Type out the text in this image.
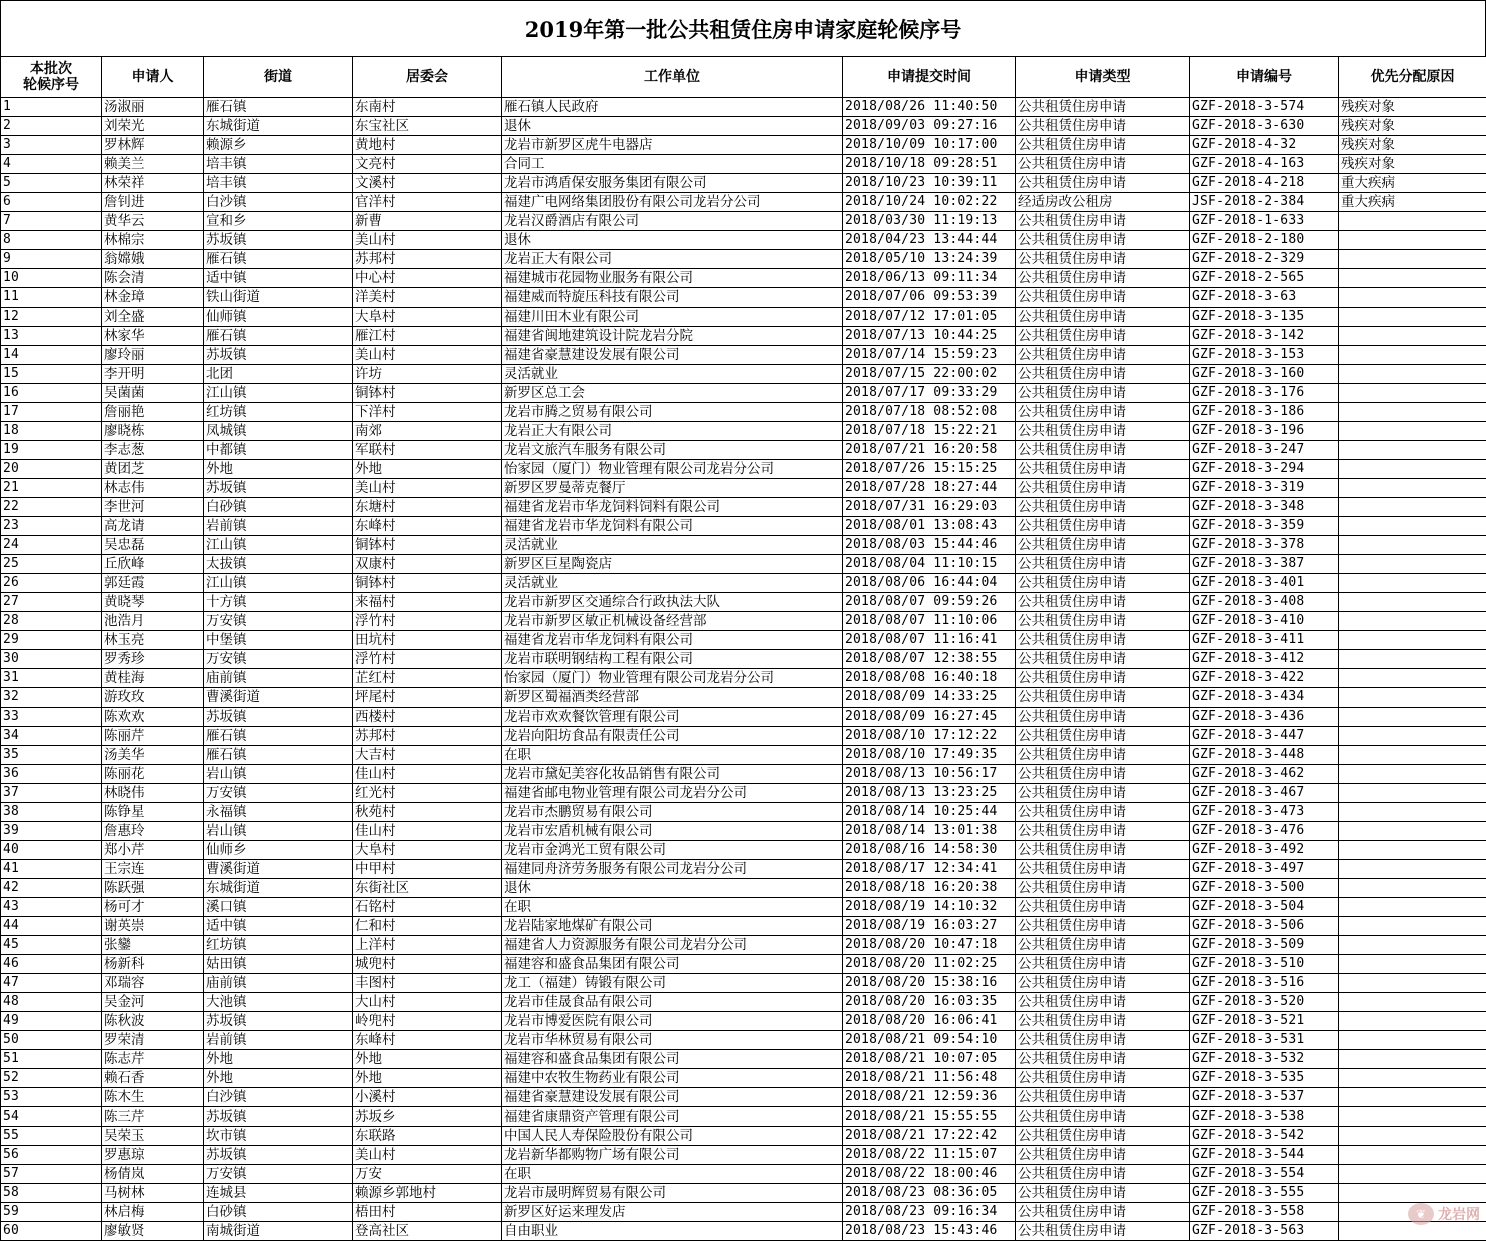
2019年第一批公共租赁住房申请家庭轮候序号
本批次
轮候序号	申请人	街道	居委会	工作单位	申请提交时间	申请类型	申请编号	优先分配原因
1	汤淑丽	雁石镇	东南村	雁石镇人民政府	2018/08/26 11:40:50	公共租赁住房申请	GZF-2018-3-574	残疾对象
2	刘荣光	东城街道	东宝社区	退休	2018/09/03 09:27:16	公共租赁住房申请	GZF-2018-3-630	残疾对象
3	罗林辉	赖源乡	黄地村	龙岩市新罗区虎牛电器店	2018/10/09 10:17:00	公共租赁住房申请	GZF-2018-4-32	残疾对象
4	赖美兰	培丰镇	文亮村	合同工	2018/10/18 09:28:51	公共租赁住房申请	GZF-2018-4-163	残疾对象
5	林荣祥	培丰镇	文溪村	龙岩市鸿盾保安服务集团有限公司	2018/10/23 10:39:11	公共租赁住房申请	GZF-2018-4-218	重大疾病
6	詹钊进	白沙镇	官洋村	福建广电网络集团股份有限公司龙岩分公司	2018/10/24 10:02:22	经适房改公租房	JSF-2018-2-384	重大疾病
7	黄华云	宣和乡	新曹	龙岩汉爵酒店有限公司	2018/03/30 11:19:13	公共租赁住房申请	GZF-2018-1-633	
8	林棉宗	苏坂镇	美山村	退休	2018/04/23 13:44:44	公共租赁住房申请	GZF-2018-2-180	
9	翁嫦娥	雁石镇	苏邦村	龙岩正大有限公司	2018/05/10 13:24:39	公共租赁住房申请	GZF-2018-2-329	
10	陈会清	适中镇	中心村	福建城市花园物业服务有限公司	2018/06/13 09:11:34	公共租赁住房申请	GZF-2018-2-565	
11	林金璋	铁山街道	洋美村	福建威而特旋压科技有限公司	2018/07/06 09:53:39	公共租赁住房申请	GZF-2018-3-63	
12	刘全盛	仙师镇	大阜村	福建川田木业有限公司	2018/07/12 17:01:05	公共租赁住房申请	GZF-2018-3-135	
13	林家华	雁石镇	雁江村	福建省闽地建筑设计院龙岩分院	2018/07/13 10:44:25	公共租赁住房申请	GZF-2018-3-142	
14	廖玲丽	苏坂镇	美山村	福建省豪慧建设发展有限公司	2018/07/14 15:59:23	公共租赁住房申请	GZF-2018-3-153	
15	李开明	北团	许坊	灵活就业	2018/07/15 22:00:02	公共租赁住房申请	GZF-2018-3-160	
16	吴菌菌	江山镇	铜钵村	新罗区总工会	2018/07/17 09:33:29	公共租赁住房申请	GZF-2018-3-176	
17	詹丽艳	红坊镇	下洋村	龙岩市腾之贸易有限公司	2018/07/18 08:52:08	公共租赁住房申请	GZF-2018-3-186	
18	廖晓栋	凤城镇	南郊	龙岩正大有限公司	2018/07/18 15:22:21	公共租赁住房申请	GZF-2018-3-196	
19	李志葱	中都镇	军联村	龙岩文旅汽车服务有限公司	2018/07/21 16:20:58	公共租赁住房申请	GZF-2018-3-247	
20	黄团芝	外地	外地	怡家园（厦门）物业管理有限公司龙岩分公司	2018/07/26 15:15:25	公共租赁住房申请	GZF-2018-3-294	
21	林志伟	苏坂镇	美山村	新罗区罗曼蒂克餐厅	2018/07/28 18:27:44	公共租赁住房申请	GZF-2018-3-319	
22	李世河	白砂镇	东塘村	福建省龙岩市华龙饲料饲料有限公司	2018/07/31 16:29:03	公共租赁住房申请	GZF-2018-3-348	
23	高龙请	岩前镇	东峰村	福建省龙岩市华龙饲料有限公司	2018/08/01 13:08:43	公共租赁住房申请	GZF-2018-3-359	
24	吴忠磊	江山镇	铜钵村	灵活就业	2018/08/03 15:44:46	公共租赁住房申请	GZF-2018-3-378	
25	丘欣峰	太拔镇	双康村	新罗区巨星陶瓷店	2018/08/04 11:10:15	公共租赁住房申请	GZF-2018-3-387	
26	郭廷霞	江山镇	铜钵村	灵活就业	2018/08/06 16:44:04	公共租赁住房申请	GZF-2018-3-401	
27	黄晓琴	十方镇	来福村	龙岩市新罗区交通综合行政执法大队	2018/08/07 09:59:26	公共租赁住房申请	GZF-2018-3-408	
28	池浩月	万安镇	浮竹村	龙岩市新罗区敏正机械设备经营部	2018/08/07 11:10:06	公共租赁住房申请	GZF-2018-3-410	
29	林玉亮	中堡镇	田坑村	福建省龙岩市华龙饲料有限公司	2018/08/07 11:16:41	公共租赁住房申请	GZF-2018-3-411	
30	罗秀珍	万安镇	浮竹村	龙岩市联明钢结构工程有限公司	2018/08/07 12:38:55	公共租赁住房申请	GZF-2018-3-412	
31	黄桂海	庙前镇	芷红村	怡家园（厦门）物业管理有限公司龙岩分公司	2018/08/08 16:40:18	公共租赁住房申请	GZF-2018-3-422	
32	游玫玫	曹溪街道	坪尾村	新罗区蜀福酒类经营部	2018/08/09 14:33:25	公共租赁住房申请	GZF-2018-3-434	
33	陈欢欢	苏坂镇	西楼村	龙岩市欢欢餐饮管理有限公司	2018/08/09 16:27:45	公共租赁住房申请	GZF-2018-3-436	
34	陈丽芹	雁石镇	苏邦村	龙岩向阳坊食品有限责任公司	2018/08/10 17:12:22	公共租赁住房申请	GZF-2018-3-447	
35	汤美华	雁石镇	大吉村	在职	2018/08/10 17:49:35	公共租赁住房申请	GZF-2018-3-448	
36	陈丽花	岩山镇	佳山村	龙岩市黛妃美容化妆品销售有限公司	2018/08/13 10:56:17	公共租赁住房申请	GZF-2018-3-462	
37	林晓伟	万安镇	红光村	福建省邮电物业管理有限公司龙岩分公司	2018/08/13 13:23:25	公共租赁住房申请	GZF-2018-3-467	
38	陈铮星	永福镇	秋苑村	龙岩市杰鹏贸易有限公司	2018/08/14 10:25:44	公共租赁住房申请	GZF-2018-3-473	
39	詹惠玲	岩山镇	佳山村	龙岩市宏盾机械有限公司	2018/08/14 13:01:38	公共租赁住房申请	GZF-2018-3-476	
40	郑小芹	仙师乡	大阜村	龙岩市金鸿光工贸有限公司	2018/08/16 14:58:30	公共租赁住房申请	GZF-2018-3-492	
41	王宗连	曹溪街道	中甲村	福建同舟济劳务服务有限公司龙岩分公司	2018/08/17 12:34:41	公共租赁住房申请	GZF-2018-3-497	
42	陈跃强	东城街道	东街社区	退休	2018/08/18 16:20:38	公共租赁住房申请	GZF-2018-3-500	
43	杨可才	溪口镇	石铭村	在职	2018/08/19 14:10:32	公共租赁住房申请	GZF-2018-3-504	
44	谢英崇	适中镇	仁和村	龙岩陆家地煤矿有限公司	2018/08/19 16:03:27	公共租赁住房申请	GZF-2018-3-506	
45	张鑾	红坊镇	上洋村	福建省人力资源服务有限公司龙岩分公司	2018/08/20 10:47:18	公共租赁住房申请	GZF-2018-3-509	
46	杨新科	姑田镇	城兜村	福建容和盛食品集团有限公司	2018/08/20 11:02:25	公共租赁住房申请	GZF-2018-3-510	
47	邓瑞容	庙前镇	丰图村	龙工（福建）铸锻有限公司	2018/08/20 15:38:16	公共租赁住房申请	GZF-2018-3-516	
48	吴金河	大池镇	大山村	龙岩市佳晟食品有限公司	2018/08/20 16:03:35	公共租赁住房申请	GZF-2018-3-520	
49	陈秋波	苏坂镇	岭兜村	龙岩市博爱医院有限公司	2018/08/20 16:06:41	公共租赁住房申请	GZF-2018-3-521	
50	罗荣清	岩前镇	东峰村	龙岩市华林贸易有限公司	2018/08/21 09:54:10	公共租赁住房申请	GZF-2018-3-531	
51	陈志芹	外地	外地	福建容和盛食品集团有限公司	2018/08/21 10:07:05	公共租赁住房申请	GZF-2018-3-532	
52	赖石香	外地	外地	福建中农牧生物药业有限公司	2018/08/21 11:56:48	公共租赁住房申请	GZF-2018-3-535	
53	陈木生	白沙镇	小溪村	福建省豪慧建设发展有限公司	2018/08/21 12:59:36	公共租赁住房申请	GZF-2018-3-537	
54	陈三芹	苏坂镇	苏坂乡	福建省康鼎资产管理有限公司	2018/08/21 15:55:55	公共租赁住房申请	GZF-2018-3-538	
55	吴荣玉	坎市镇	东联路	中国人民人寿保险股份有限公司	2018/08/21 17:22:42	公共租赁住房申请	GZF-2018-3-542	
56	罗惠琼	苏坂镇	美山村	龙岩新华都购物广场有限公司	2018/08/22 11:15:07	公共租赁住房申请	GZF-2018-3-544	
57	杨倩岚	万安镇	万安	在职	2018/08/22 18:00:46	公共租赁住房申请	GZF-2018-3-554	
58	马树林	连城县	赖源乡郭地村	龙岩市晟明辉贸易有限公司	2018/08/23 08:36:05	公共租赁住房申请	GZF-2018-3-555	
59	林启梅	白砂镇	梧田村	新罗区好运来理发店	2018/08/23 09:16:34	公共租赁住房申请	GZF-2018-3-558	
60	廖敏贤	南城街道	登高社区	自由职业	2018/08/23 15:43:46	公共租赁住房申请	GZF-2018-3-563	
❦ 龙岩网
